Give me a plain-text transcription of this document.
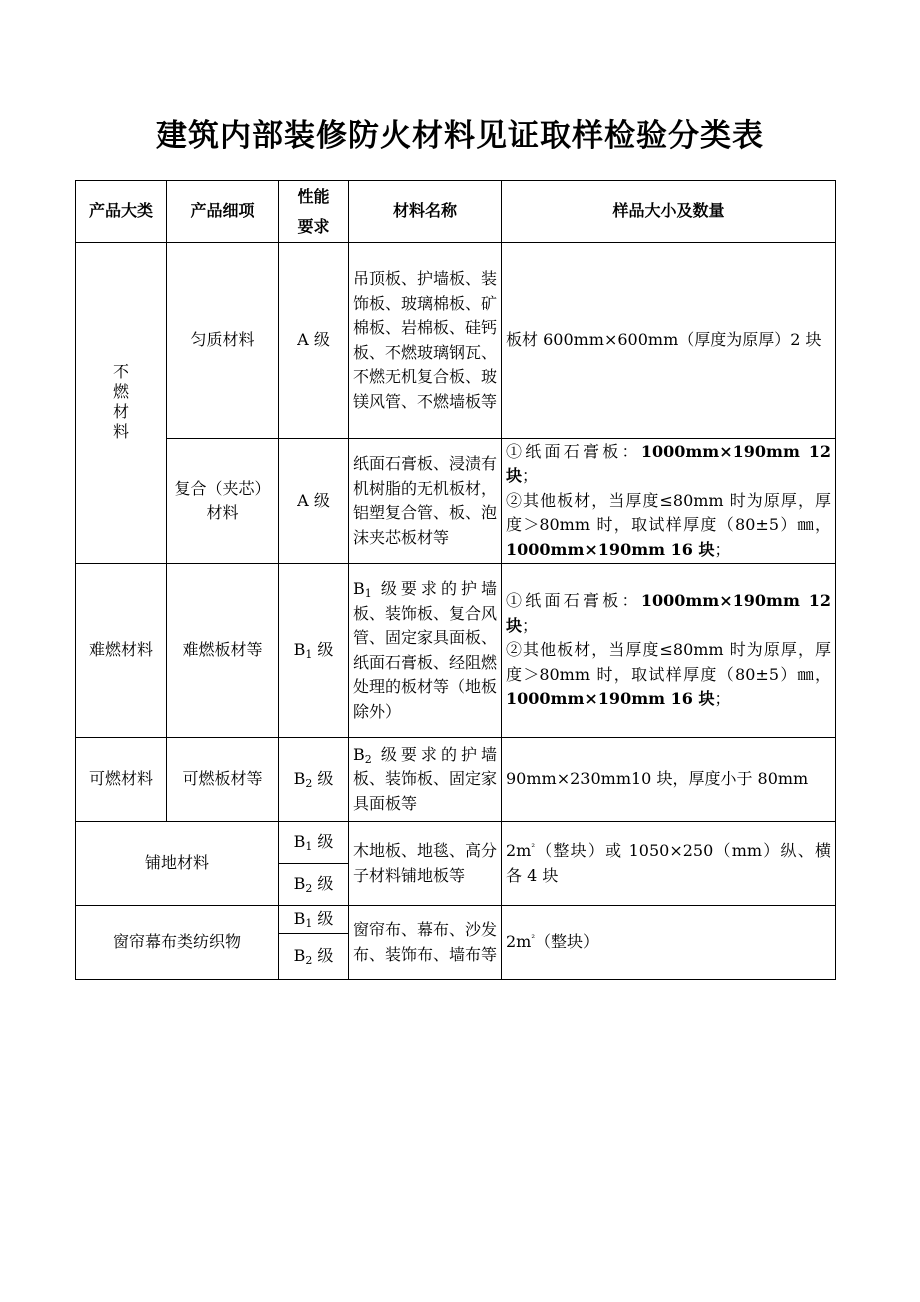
建筑内部装修防火材料见证取样检验分类表
产品大类	产品细项	性能要求	材料名称	样品大小及数量
不燃材料	匀质材料	A 级	吊顶板、护墙板、装饰板、玻璃棉板、矿棉板、岩棉板、硅钙板、不燃玻璃钢瓦、不燃无机复合板、玻镁风管、不燃墙板等	板材 600mm×600mm（厚度为原厚）2 块
	复合（夹芯）材料	A 级	纸面石膏板、浸渍有机树脂的无机板材，铝塑复合管、板、泡沫夹芯板材等	①纸面石膏板：1000mm×190mm 12 块；
②其他板材，当厚度≤80mm 时为原厚，厚度＞80mm 时，取试样厚度（80±5）㎜，1000mm×190mm 16 块；
难燃材料	难燃板材等	$B_1$ 级	$B_1$ 级要求的护墙板、装饰板、复合风管、固定家具面板、纸面石膏板、经阻燃处理的板材等（地板除外）	①纸面石膏板：1000mm×190mm 12 块；
②其他板材，当厚度≤80mm 时为原厚，厚度＞80mm 时，取试样厚度（80±5）㎜，1000mm×190mm 16 块；
可燃材料	可燃板材等	$B_2$ 级	$B_2$ 级要求的护墙板、装饰板、固定家具面板等	90mm×230mm10 块，厚度小于 80mm
铺地材料		$B_1$ 级	木地板、地毯、高分子材料铺地板等	$2m^{^2}$（整块）或 1050×250（mm）纵、横各 4 块
		$B_2$ 级		
窗帘幕布类纺织物		$B_1$ 级	窗帘布、幕布、沙发布、装饰布、墙布等	$2m^{^2}$（整块）
		$B_2$ 级		
